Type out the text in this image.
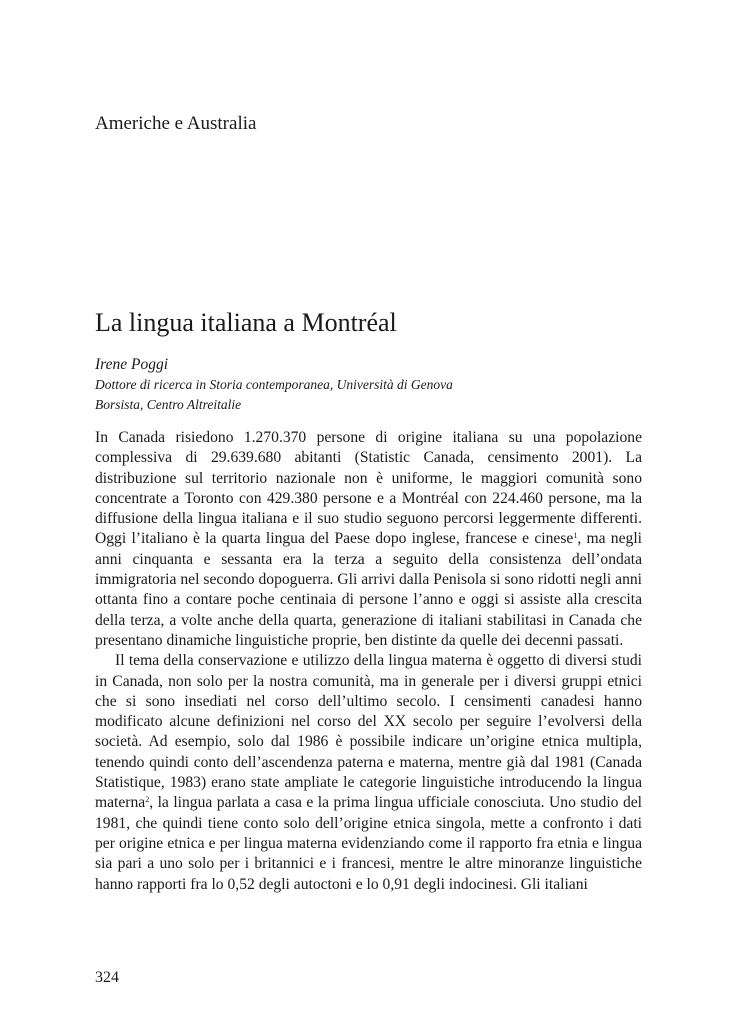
Americhe e Australia
La lingua italiana a Montréal
Irene Poggi
Dottore di ricerca in Storia contemporanea, Università di Genova
Borsista, Centro Altreitalie

In Canada risiedono 1.270.370 persone di origine italiana su una popolazione complessiva di 29.639.680 abitanti (Statistic Canada, censimento 2001). La distribuzione sul territorio nazionale non è uniforme, le maggiori comunità sono concentrate a Toronto con 429.380 persone e a Montréal con 224.460 persone, ma la diffusione della lingua italiana e il suo studio seguono percorsi leggermente differenti. Oggi l’italiano è la quarta lingua del Paese dopo inglese, francese e cinese$^1$, ma negli anni cinquanta e sessanta era la terza a seguito della consistenza dell’ondata immigratoria nel secondo dopoguerra. Gli arrivi dalla Penisola si sono ridotti negli anni ottanta fino a contare poche centinaia di persone l’anno e oggi si assiste alla crescita della terza, a volte anche della quarta, generazione di italiani stabilitasi in Canada che presentano dinamiche linguistiche proprie, ben distinte da quelle dei decenni passati.

Il tema della conservazione e utilizzo della lingua materna è oggetto di diversi studi in Canada, non solo per la nostra comunità, ma in generale per i diversi gruppi etnici che si sono insediati nel corso dell’ultimo secolo. I censimenti canadesi hanno modificato alcune definizioni nel corso del XX secolo per seguire l’evolversi della società. Ad esempio, solo dal 1986 è possibile indicare un’origine etnica multipla, tenendo quindi conto dell’ascendenza paterna e materna, mentre già dal 1981 (Canada Statistique, 1983) erano state ampliate le categorie linguistiche introducendo la lingua materna$^2$, la lingua parlata a casa e la prima lingua ufficiale conosciuta. Uno studio del 1981, che quindi tiene conto solo dell’origine etnica singola, mette a confronto i dati per origine etnica e per lingua materna evidenziando come il rapporto fra etnia e lingua sia pari a uno solo per i britannici e i francesi, mentre le altre minoranze linguistiche hanno rapporti fra lo 0,52 degli autoctoni e lo 0,91 degli indocinesi. Gli italiani

324
